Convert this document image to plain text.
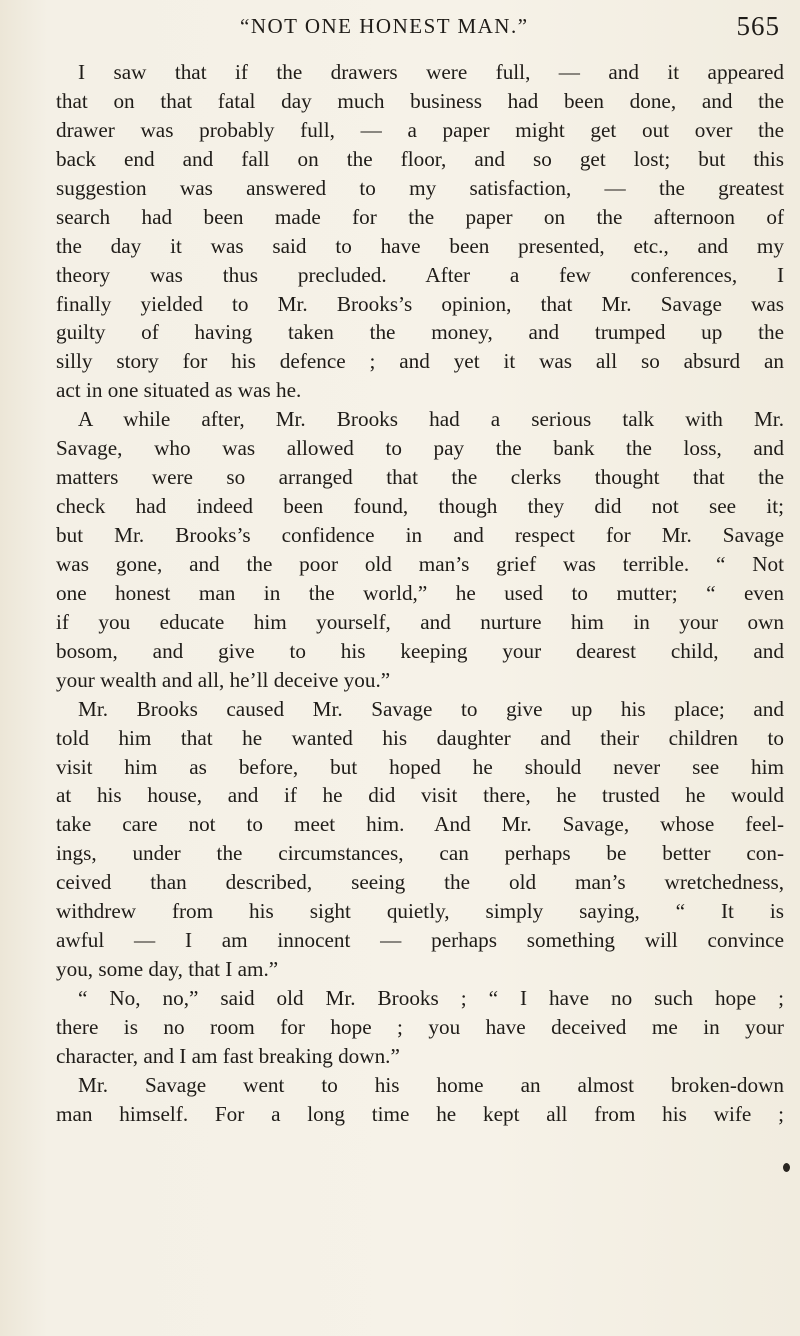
“NOT ONE HONEST MAN.”	565
I saw that if the drawers were full, — and it appeared
that on that fatal day much business had been done, and the
drawer was probably full, — a paper might get out over the
back end and fall on the floor, and so get lost; but this
suggestion was answered to my satisfaction, — the greatest
search had been made for the paper on the afternoon of
the day it was said to have been presented, etc., and my
theory was thus precluded. After a few conferences, I
finally yielded to Mr. Brooks’s opinion, that Mr. Savage was
guilty of having taken the money, and trumped up the
silly story for his defence ; and yet it was all so absurd an
act in one situated as was he.
A while after, Mr. Brooks had a serious talk with Mr.
Savage, who was allowed to pay the bank the loss, and
matters were so arranged that the clerks thought that the
check had indeed been found, though they did not see it;
but Mr. Brooks’s confidence in and respect for Mr. Savage
was gone, and the poor old man’s grief was terrible. “ Not
one honest man in the world,” he used to mutter; “ even
if you educate him yourself, and nurture him in your own
bosom, and give to his keeping your dearest child, and
your wealth and all, he’ll deceive you.”
Mr. Brooks caused Mr. Savage to give up his place; and
told him that he wanted his daughter and their children to
visit him as before, but hoped he should never see him
at his house, and if he did visit there, he trusted he would
take care not to meet him. And Mr. Savage, whose feel-
ings, under the circumstances, can perhaps be better con-
ceived than described, seeing the old man’s wretchedness,
withdrew from his sight quietly, simply saying, “ It is
awful — I am innocent — perhaps something will convince
you, some day, that I am.”
“ No, no,” said old Mr. Brooks ; “ I have no such hope ;
there is no room for hope ; you have deceived me in your
character, and I am fast breaking down.”
Mr. Savage went to his home an almost broken-down
man himself. For a long time he kept all from his wife ;
